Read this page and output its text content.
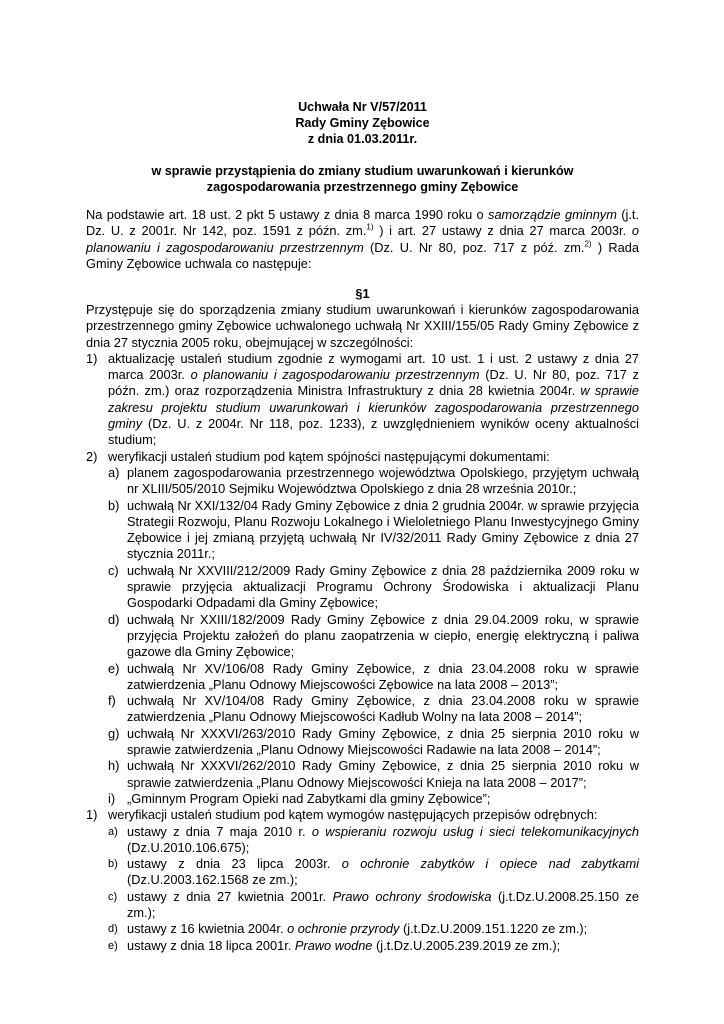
Uchwała Nr V/57/2011
Rady Gminy Zębowice
z dnia 01.03.2011r.
w sprawie przystąpienia do zmiany studium uwarunkowań i kierunków
zagospodarowania przestrzennego gminy Zębowice

Na podstawie art. 18 ust. 2 pkt 5 ustawy z dnia 8 marca 1990 roku o samorządzie gminnym (j.t. Dz. U. z 2001r. Nr 142, poz. 1591 z późn. zm.$^{1)}$ ) i art. 27 ustawy z dnia 27 marca 2003r. o planowaniu i zagospodarowaniu przestrzennym (Dz. U. Nr 80, poz. 717 z póź. zm.$^{2)}$ ) Rada Gminy Zębowice uchwala co następuje:

§1

Przystępuje się do sporządzenia zmiany studium uwarunkowań i kierunków zagospodarowania przestrzennego gminy Zębowice uchwalonego uchwałą Nr XXIII/155/05 Rady Gminy Zębowice z dnia 27 stycznia 2005 roku, obejmującej w szczególności:

1) aktualizację ustaleń studium zgodnie z wymogami art. 10 ust. 1 i ust. 2 ustawy z dnia 27 marca 2003r. o planowaniu i zagospodarowaniu przestrzennym (Dz. U. Nr 80, poz. 717 z późn. zm.) oraz rozporządzenia Ministra Infrastruktury z dnia 28 kwietnia 2004r. w sprawie zakresu projektu studium uwarunkowań i kierunków zagospodarowania przestrzennego gminy (Dz. U. z 2004r. Nr 118, poz. 1233), z uwzględnieniem wyników oceny aktualności studium;
2) weryfikacji ustaleń studium pod kątem spójności następującymi dokumentami:
a) planem zagospodarowania przestrzennego województwa Opolskiego, przyjętym uchwałą nr XLIII/505/2010 Sejmiku Województwa Opolskiego z dnia 28 września 2010r.;
b) uchwałą Nr XXI/132/04 Rady Gminy Zębowice z dnia 2 grudnia 2004r. w sprawie przyjęcia Strategii Rozwoju, Planu Rozwoju Lokalnego i Wieloletniego Planu Inwestycyjnego Gminy Zębowice i jej zmianą przyjętą uchwałą Nr IV/32/2011 Rady Gminy Zębowice z dnia 27 stycznia 2011r.;
c) uchwałą Nr XXVIII/212/2009 Rady Gminy Zębowice z dnia 28 października 2009 roku w sprawie przyjęcia aktualizacji Programu Ochrony Środowiska i aktualizacji Planu Gospodarki Odpadami dla Gminy Zębowice;
d) uchwałą Nr XXIII/182/2009 Rady Gminy Zębowice z dnia 29.04.2009 roku, w sprawie przyjęcia Projektu założeń do planu zaopatrzenia w ciepło, energię elektryczną i paliwa gazowe dla Gminy Zębowice;
e) uchwałą Nr XV/106/08 Rady Gminy Zębowice, z dnia 23.04.2008 roku w sprawie zatwierdzenia „Planu Odnowy Miejscowości Zębowice na lata 2008 – 2013”;
f) uchwałą Nr XV/104/08 Rady Gminy Zębowice, z dnia 23.04.2008 roku w sprawie zatwierdzenia „Planu Odnowy Miejscowości Kadłub Wolny na lata 2008 – 2014”;
g) uchwałą Nr XXXVI/263/2010 Rady Gminy Zębowice, z dnia 25 sierpnia 2010 roku w sprawie zatwierdzenia „Planu Odnowy Miejscowości Radawie na lata 2008 – 2014”;
h) uchwałą Nr XXXVI/262/2010 Rady Gminy Zębowice, z dnia 25 sierpnia 2010 roku w sprawie zatwierdzenia „Planu Odnowy Miejscowości Knieja na lata 2008 – 2017”;
i) „Gminnym Program Opieki nad Zabytkami dla gminy Zębowice”;
1) weryfikacji ustaleń studium pod kątem wymogów następujących przepisów odrębnych:
a) ustawy z dnia 7 maja 2010 r. o wspieraniu rozwoju usług i sieci telekomunikacyjnych (Dz.U.2010.106.675);
b) ustawy z dnia 23 lipca 2003r. o ochronie zabytków i opiece nad zabytkami (Dz.U.2003.162.1568 ze zm.);
c) ustawy z dnia 27 kwietnia 2001r. Prawo ochrony środowiska (j.t.Dz.U.2008.25.150 ze zm.);
d) ustawy z 16 kwietnia 2004r. o ochronie przyrody (j.t.Dz.U.2009.151.1220 ze zm.);
e) ustawy z dnia 18 lipca 2001r. Prawo wodne (j.t.Dz.U.2005.239.2019 ze zm.);
